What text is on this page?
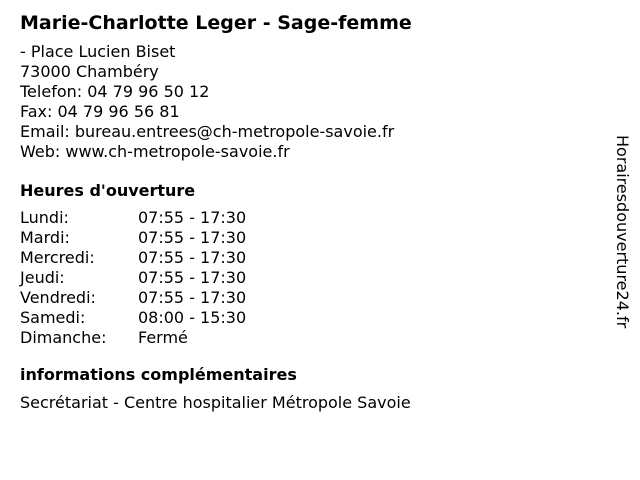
Marie-Charlotte Leger - Sage-femme
- Place Lucien Biset
73000 Chambéry
Telefon: 04 79 96 50 12
Fax: 04 79 96 56 81
Email: bureau.entrees@ch-metropole-savoie.fr
Web: www.ch-metropole-savoie.fr
Heures d'ouverture
Lundi:	07:55 - 17:30
Mardi:	07:55 - 17:30
Mercredi:	07:55 - 17:30
Jeudi:	07:55 - 17:30
Vendredi:	07:55 - 17:30
Samedi:	08:00 - 15:30
Dimanche:	Fermé
informations complémentaires
Secrétariat - Centre hospitalier Métropole Savoie
Horairesdouverture24.fr
